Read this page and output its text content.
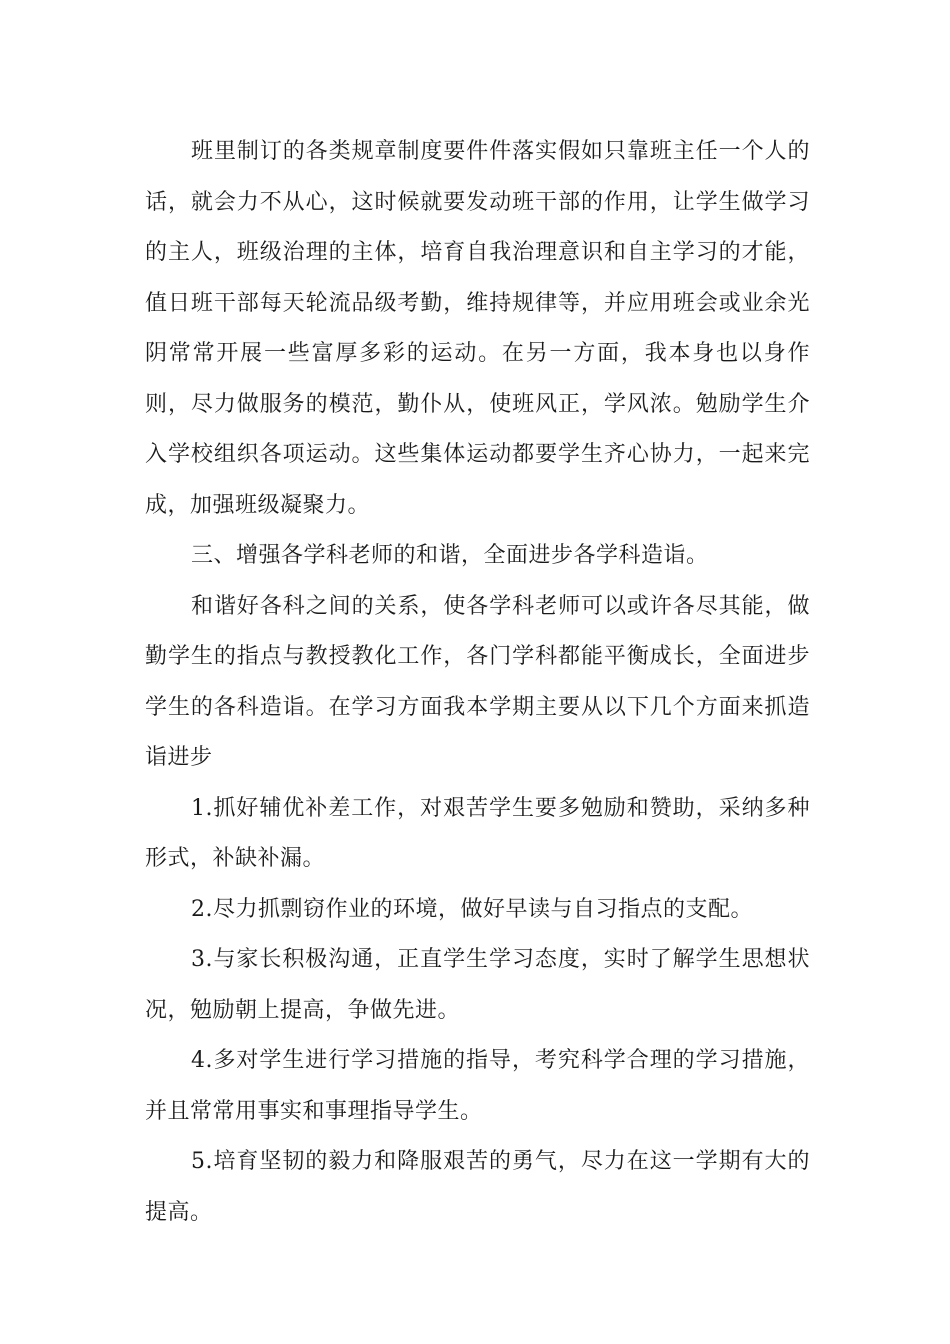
班里制订的各类规章制度要件件落实假如只靠班主任一个人的话，就会力不从心，这时候就要发动班干部的作用，让学生做学习的主人，班级治理的主体，培育自我治理意识和自主学习的才能，值日班干部每天轮流品级考勤，维持规律等，并应用班会或业余光阴常常开展一些富厚多彩的运动。在另一方面，我本身也以身作则，尽力做服务的模范，勤仆从，使班风正，学风浓。勉励学生介入学校组织各项运动。这些集体运动都要学生齐心协力，一起来完成，加强班级凝聚力。

三、增强各学科老师的和谐，全面进步各学科造诣。

和谐好各科之间的关系，使各学科老师可以或许各尽其能，做勤学生的指点与教授教化工作，各门学科都能平衡成长，全面进步学生的各科造诣。在学习方面我本学期主要从以下几个方面来抓造诣进步

1.抓好辅优补差工作，对艰苦学生要多勉励和赞助，采纳多种形式，补缺补漏。

2.尽力抓剽窃作业的环境，做好早读与自习指点的支配。

3.与家长积极沟通，正直学生学习态度，实时了解学生思想状况，勉励朝上提高，争做先进。

4.多对学生进行学习措施的指导，考究科学合理的学习措施，并且常常用事实和事理指导学生。

5.培育坚韧的毅力和降服艰苦的勇气，尽力在这一学期有大的提高。
